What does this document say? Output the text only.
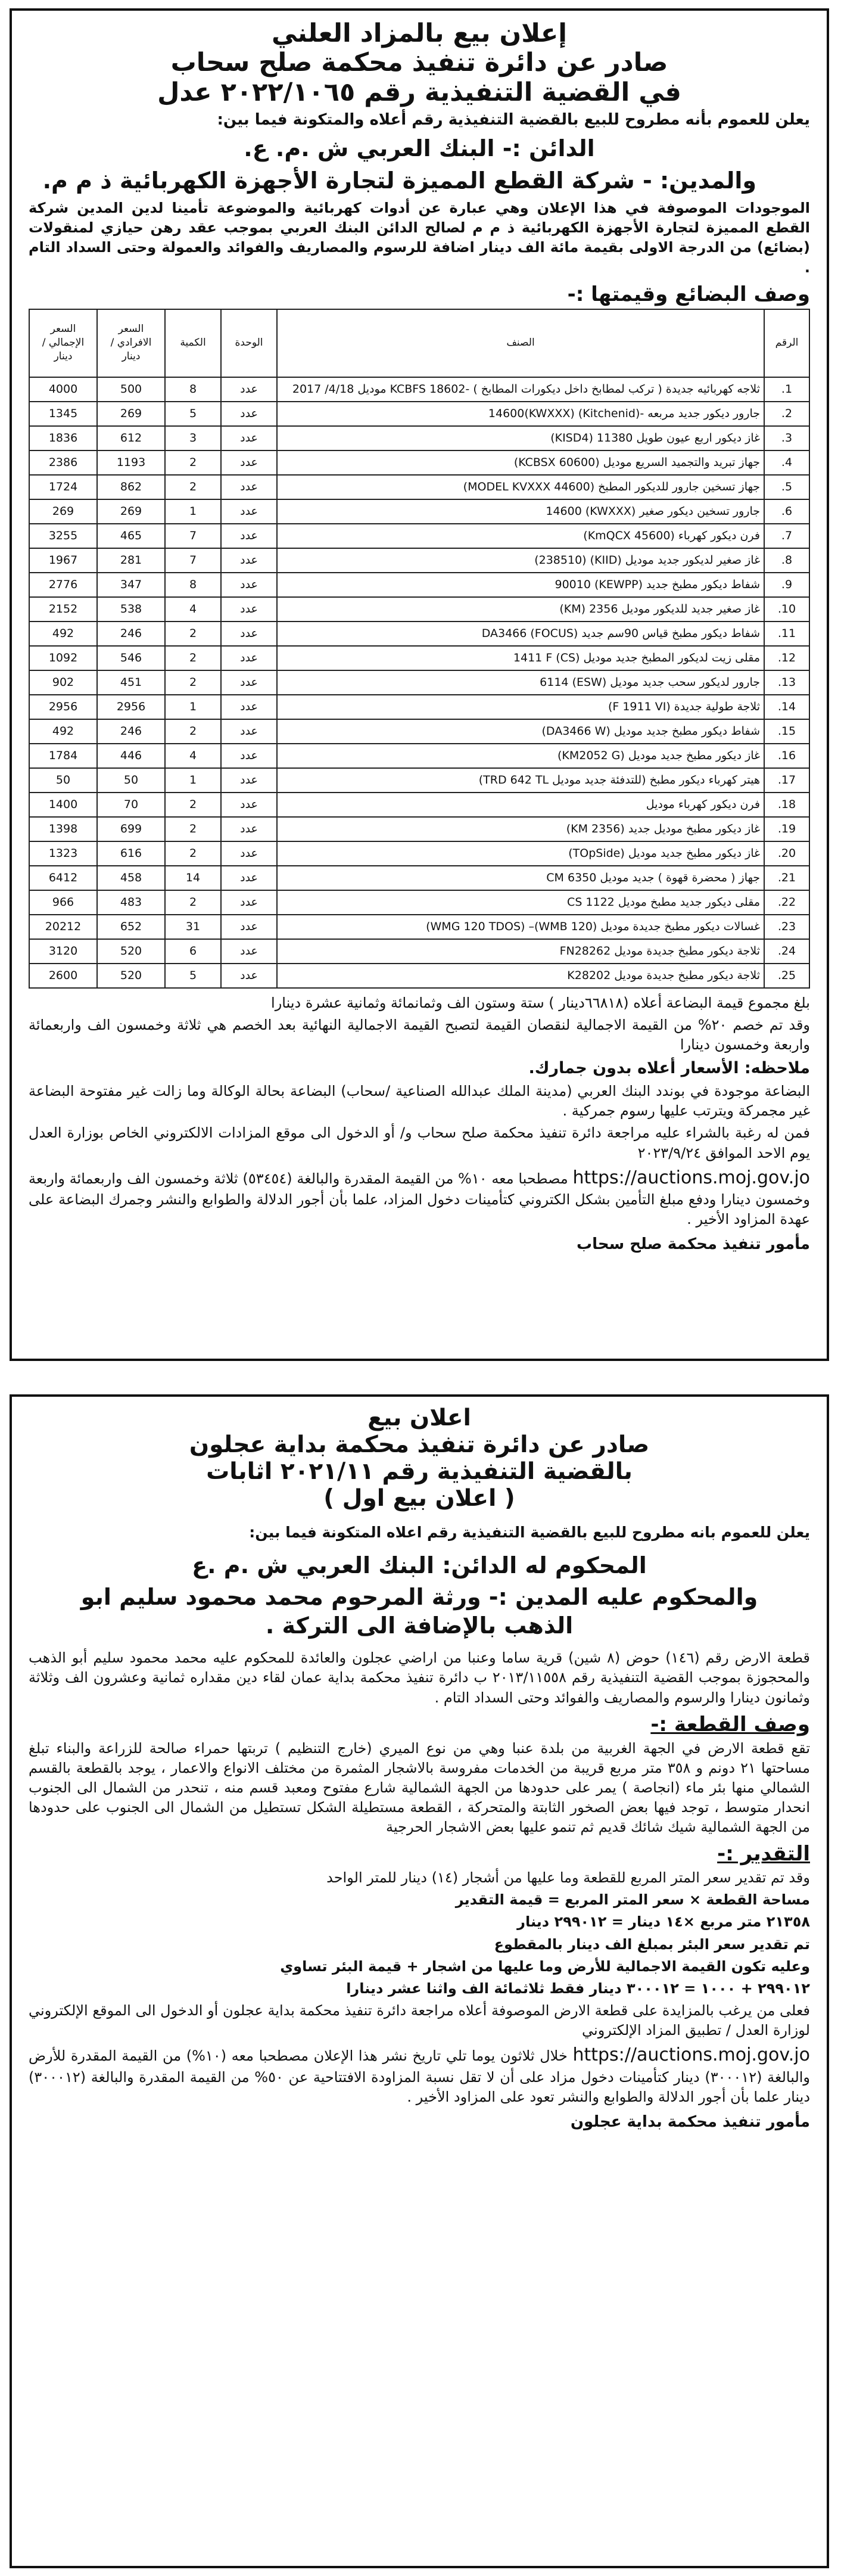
إعلان بيع بالمزاد العلني

صادر عن دائرة تنفيذ محكمة صلح سحاب

في القضية التنفيذية رقم ٢٠٢٢/١٠٦٥ عدل

يعلن للعموم بأنه مطروح للبيع بالقضية التنفيذية رقم أعلاه والمتكونة فيما بين:

الدائن :- البنك العربي ش .م. ع.

والمدين: - شركة القطع المميزة لتجارة الأجهزة الكهربائية ذ م م.

الموجودات الموصوفة في هذا الإعلان وهي عبارة عن أدوات كهربائية والموضوعة تأمينا لدين المدين شركة القطع المميزة لتجارة الأجهزة الكهربائية ذ م م لصالح الدائن البنك العربي بموجب عقد رهن حيازي لمنقولات (بضائع) من الدرجة الاولى بقيمة مائة الف دينار اضافة للرسوم والمصاريف والفوائد والعمولة وحتى السداد التام .

وصف البضائع وقيمتها :-

الرقم	الصنف	الوحدة	الكمية	السعر الافرادي / دينار	السعر الإجمالي / دينار
1.	ثلاجه كهربائيه جديدة ( تركب لمطابخ داخل ديكورات المطابخ ) -KCBFS 18602 موديل 4/18/ 2017	عدد	8	500	4000
2.	جارور ديكور جديد مربعه -(Kitchenid) 14600(KWXXX)	عدد	5	269	1345
3.	غاز ديكور اربع عيون طويل 11380 (KISD4)	عدد	3	612	1836
4.	جهاز تبريد والتجميد السريع موديل (KCBSX 60600)	عدد	2	1193	2386
5.	جهاز تسخين جارور للديكور المطبخ (MODEL KVXXX 44600)	عدد	2	862	1724
6.	جارور تسخين ديكور صغير (KWXXX) 14600	عدد	1	269	269
7.	فرن ديكور كهرباء (KmQCX 45600)	عدد	7	465	3255
8.	غاز صغير لديكور جديد موديل (KIID) (238510)	عدد	7	281	1967
9.	شفاط ديكور مطبخ جديد (KEWPP) 90010	عدد	8	347	2776
10.	غاز صغير جديد للديكور موديل 2356 (KM)	عدد	4	538	2152
11.	شفاط ديكور مطبخ قياس 90سم جديد (FOCUS) DA3466	عدد	2	246	492
12.	مقلى زيت لديكور المطبخ جديد موديل (CS) 1411 F	عدد	2	546	1092
13.	جارور لديكور سحب جديد موديل (ESW) 6114	عدد	2	451	902
14.	ثلاجة طولية جديدة (F 1911 VI)	عدد	1	2956	2956
15.	شفاط ديكور مطبخ جديد موديل (DA3466 W)	عدد	2	246	492
16.	غاز ديكور مطبخ جديد موديل (KM2052 G)	عدد	4	446	1784
17.	هيتر كهرباء ديكور مطبخ (للتدفئة جديد موديل TRD 642 TL)	عدد	1	50	50
18.	فرن ديكور كهرباء موديل	عدد	2	70	1400
19.	غاز ديكور مطبخ موديل جديد (KM 2356)	عدد	2	699	1398
20.	غاز ديكور مطبخ جديد موديل (TOpSide)	عدد	2	616	1323
21.	جهاز ( محضرة قهوة ) جديد موديل CM 6350	عدد	14	458	6412
22.	مقلى ديكور جديد مطبخ موديل CS 1122	عدد	2	483	966
23.	غسالات ديكور مطبخ جديدة موديل (WMB 120)– (WMG 120 TDOS)	عدد	31	652	20212
24.	ثلاجة ديكور مطبخ جديدة موديل FN28262	عدد	6	520	3120
25.	ثلاجة ديكور مطبخ جديدة موديل K28202	عدد	5	520	2600

بلغ مجموع قيمة البضاعة أعلاه (٦٦٨١٨دينار ) ستة وستون الف وثمانمائة وثمانية عشرة دينارا

وقد تم خصم ٢٠% من القيمة الاجمالية لنقصان القيمة لتصبح القيمة الاجمالية النهائية بعد الخصم هي ثلاثة وخمسون الف واربعمائة واربعة وخمسون دينارا

ملاحظه: الأسعار أعلاه بدون جمارك.

البضاعة موجودة في بوندد البنك العربي (مدينة الملك عبدالله الصناعية /سحاب) البضاعة بحالة الوكالة وما زالت غير مفتوحة البضاعة غير مجمركة ويترتب عليها رسوم جمركية .

فمن له رغبة بالشراء عليه مراجعة دائرة تنفيذ محكمة صلح سحاب و/ أو الدخول الى موقع المزادات الالكتروني الخاص بوزارة العدل يوم الاحد الموافق ٢٠٢٣/٩/٢٤

https://auctions.moj.gov.jo مصطحبا معه ١٠% من القيمة المقدرة والبالغة (٥٣٤٥٤) ثلاثة وخمسون الف واربعمائة واربعة وخمسون دينارا ودفع مبلغ التأمين بشكل الكتروني كتأمينات دخول المزاد، علما بأن أجور الدلالة والطوابع والنشر وجمرك البضاعة على عهدة المزاود الأخير .

مأمور تنفيذ محكمة صلح سحاب

اعلان بيع

صادر عن دائرة تنفيذ محكمة بداية عجلون

بالقضية التنفيذية رقم ٢٠٢١/١١ اثابات

( اعلان بيع اول )

يعلن للعموم بانه مطروح للبيع بالقضية التنفيذية رقم اعلاه المتكونة فيما بين:

المحكوم له الدائن: البنك العربي ش .م .ع

والمحكوم عليه المدين :- ورثة المرحوم محمد محمود سليم ابو الذهب بالإضافة الى التركة .

قطعة الارض رقم (١٤٦) حوض (٨ شين) قرية ساما وعنبا من اراضي عجلون والعائدة للمحكوم عليه محمد محمود سليم أبو الذهب والمحجوزة بموجب القضية التنفيذية رقم ٢٠١٣/١١٥٥٨ ب دائرة تنفيذ محكمة بداية عمان لقاء دين مقداره ثمانية وعشرون الف وثلاثة وثمانون دينارا والرسوم والمصاريف والفوائد وحتى السداد التام .

وصف القطعة :-

تقع قطعة الارض في الجهة الغربية من بلدة عنبا وهي من نوع الميري (خارج التنظيم ) تربتها حمراء صالحة للزراعة والبناء تبلغ مساحتها ٢١ دونم و ٣٥٨ متر مربع قريبة من الخدمات مفروسة بالاشجار المثمرة من مختلف الانواع والاعمار ، يوجد بالقطعة بالقسم الشمالي منها بئر ماء (انجاصة ) يمر على حدودها من الجهة الشمالية شارع مفتوح ومعبد قسم منه ، تنحدر من الشمال الى الجنوب انحدار متوسط ، توجد فيها بعض الصخور الثابتة والمتحركة ، القطعة مستطيلة الشكل تستطيل من الشمال الى الجنوب على حدودها من الجهة الشمالية شيك شائك قديم ثم تنمو عليها بعض الاشجار الحرجية

التقدير :-

وقد تم تقدير سعر المتر المربع للقطعة وما عليها من أشجار (١٤) دينار للمتر الواحد

مساحة القطعة × سعر المتر المربع = قيمة التقدير

٢١٣٥٨ متر مربع ×١٤ دينار = ٢٩٩٠١٢ دينار

تم تقدير سعر البئر بمبلغ الف دينار بالمقطوع

وعليه تكون القيمة الاجمالية للأرض وما عليها من اشجار + قيمة البئر تساوي

٢٩٩٠١٢ + ١٠٠٠ = ٣٠٠٠١٢ دينار فقط ثلاثمائة الف واثنا عشر دينارا

فعلى من يرغب بالمزايدة على قطعة الارض الموصوفة أعلاه مراجعة دائرة تنفيذ محكمة بداية عجلون أو الدخول الى الموقع الإلكتروني لوزارة العدل / تطبيق المزاد الإلكتروني

https://auctions.moj.gov.jo خلال ثلاثون يوما تلي تاريخ نشر هذا الإعلان مصطحبا معه (١٠%) من القيمة المقدرة للأرض والبالغة (٣٠٠٠١٢) دينار كتأمينات دخول مزاد على أن لا تقل نسبة المزاودة الافتتاحية عن ٥٠% من القيمة المقدرة والبالغة (٣٠٠٠١٢) دينار علما بأن أجور الدلالة والطوابع والنشر تعود على المزاود الأخير .

مأمور تنفيذ محكمة بداية عجلون
